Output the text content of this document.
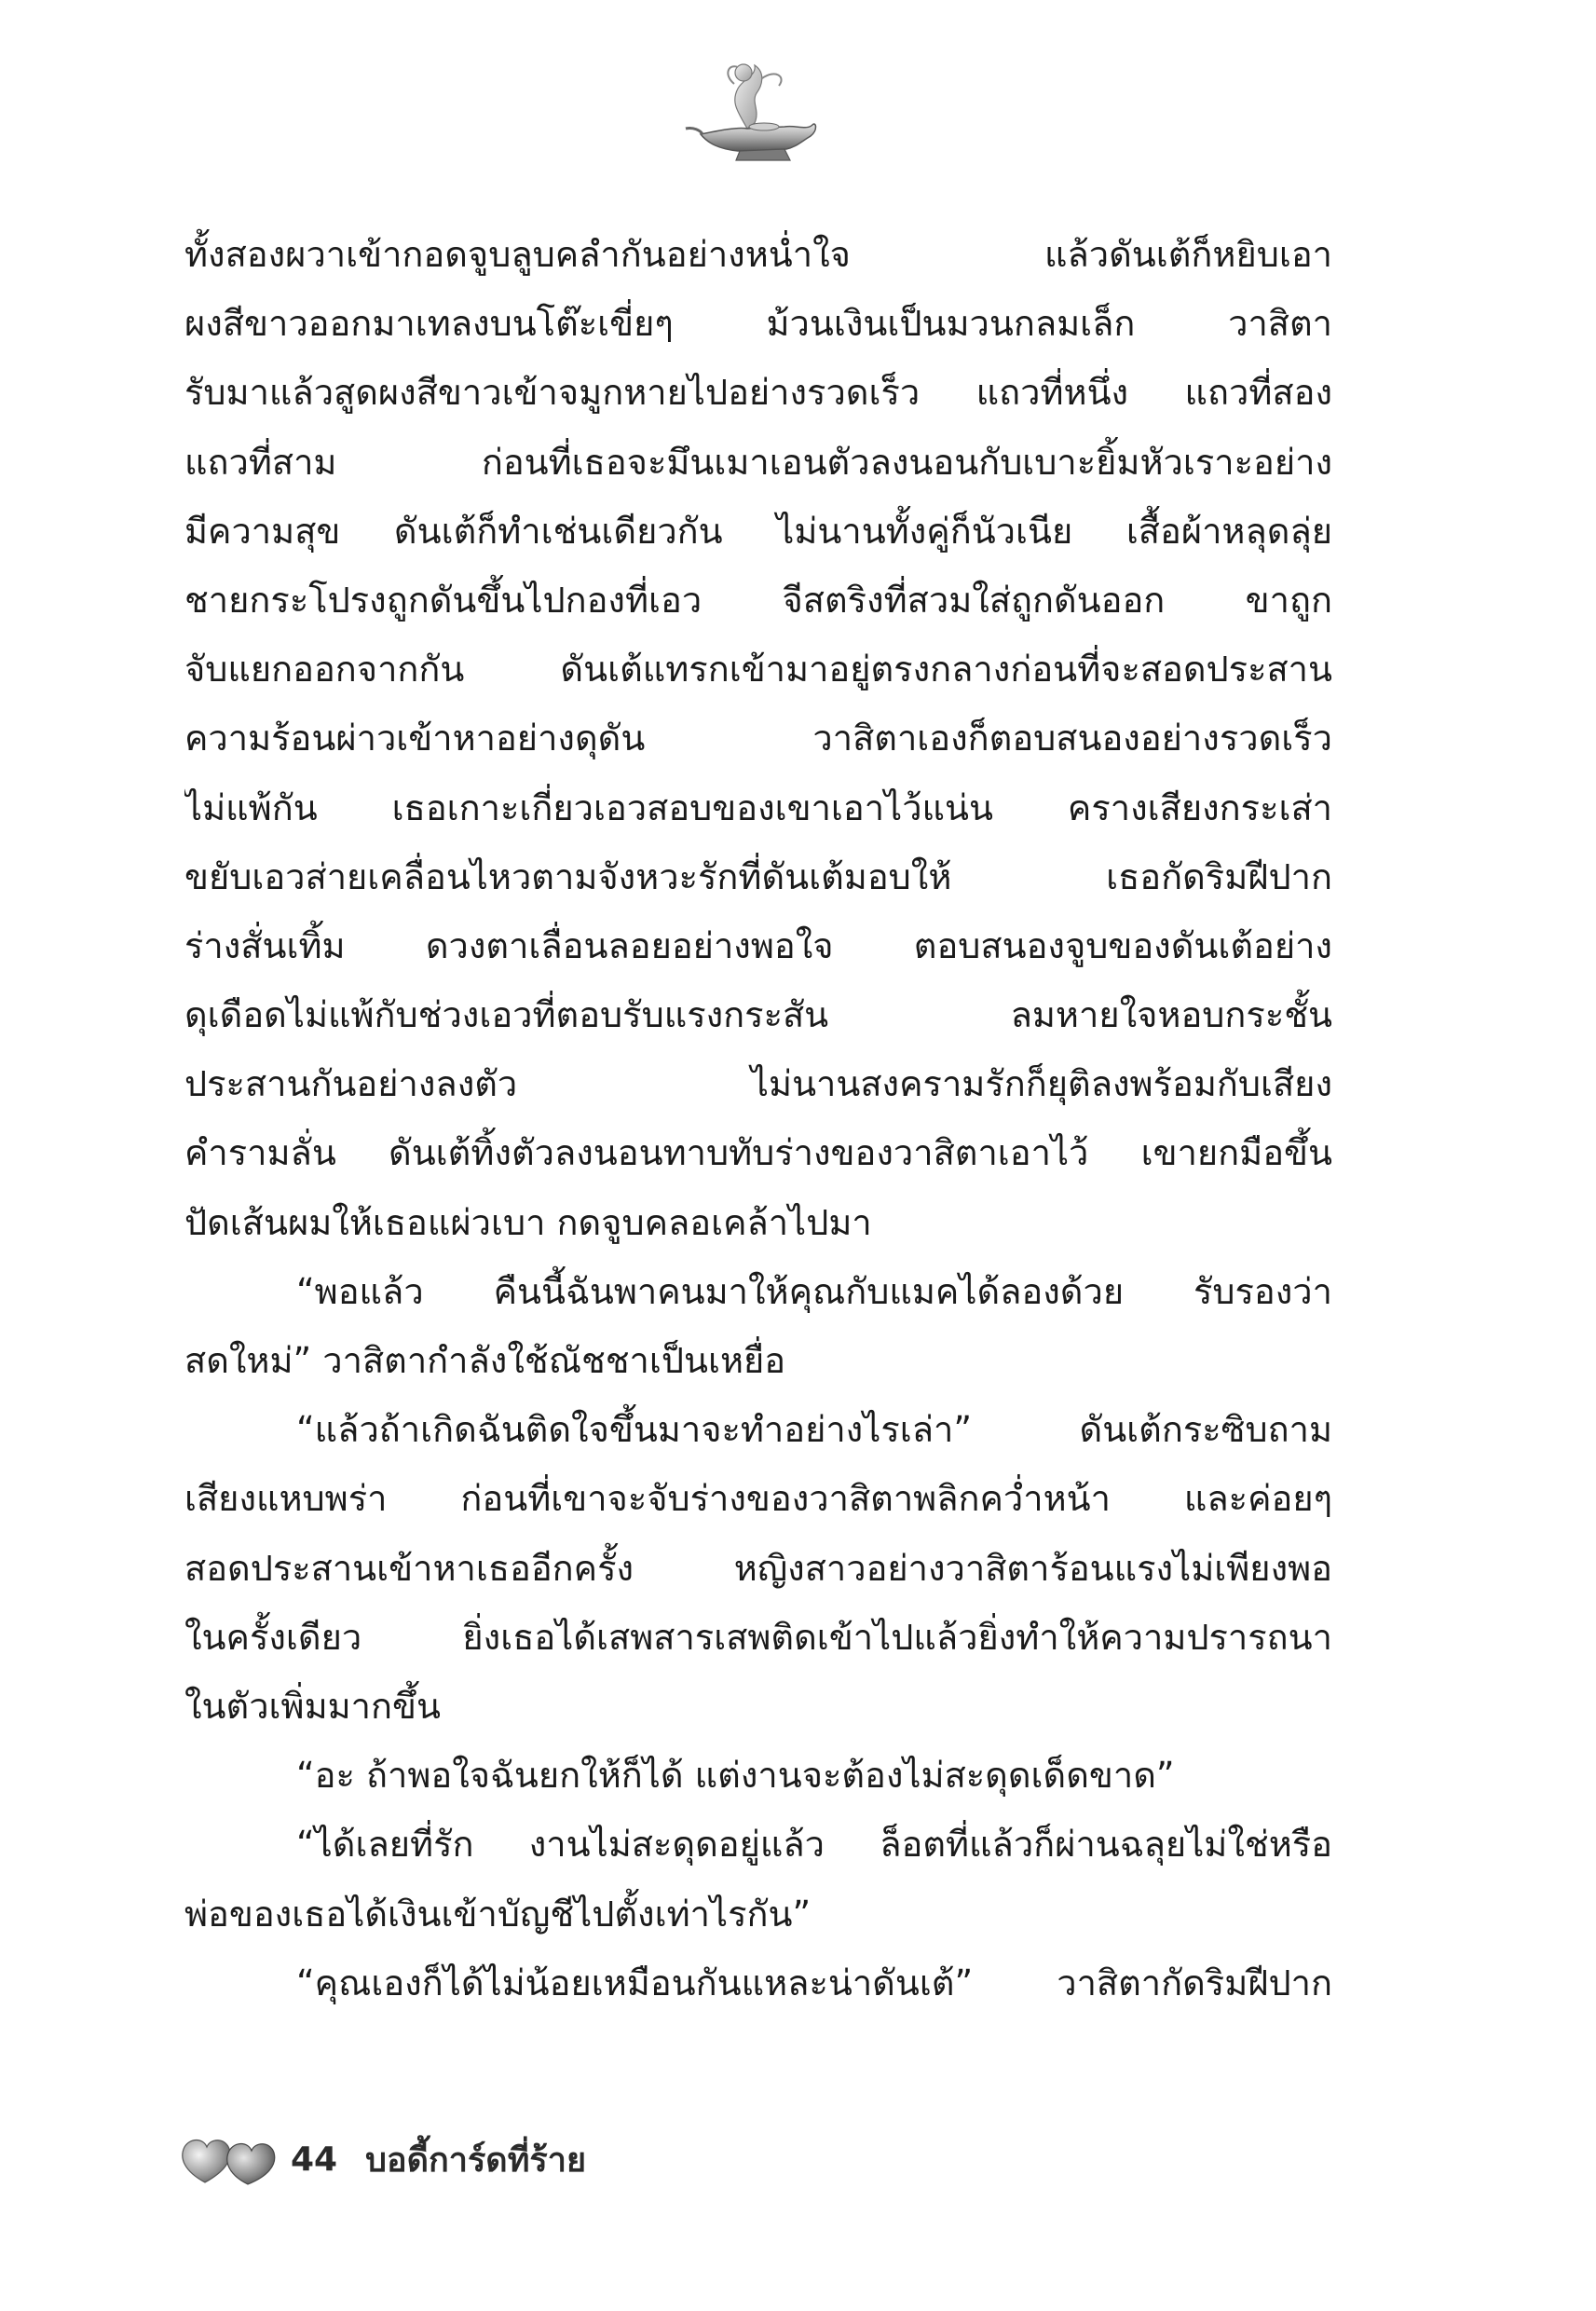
ทั้งสองผวาเข้ากอดจูบลูบคลำกันอย่างหน่ำใจ แล้วดันเต้ก็หยิบเอา
ผงสีขาวออกมาเทลงบนโต๊ะเขี่ยๆ ม้วนเงินเป็นมวนกลมเล็ก วาสิตา
รับมาแล้วสูดผงสีขาวเข้าจมูกหายไปอย่างรวดเร็ว แถวที่หนึ่ง แถวที่สอง
แถวที่สาม ก่อนที่เธอจะมึนเมาเอนตัวลงนอนกับเบาะยิ้มหัวเราะอย่าง
มีความสุข ดันเต้ก็ทำเช่นเดียวกัน ไม่นานทั้งคู่ก็นัวเนีย เสื้อผ้าหลุดลุ่ย
ชายกระโปรงถูกดันขึ้นไปกองที่เอว จีสตริงที่สวมใส่ถูกดันออก ขาถูก
จับแยกออกจากกัน ดันเต้แทรกเข้ามาอยู่ตรงกลางก่อนที่จะสอดประสาน
ความร้อนผ่าวเข้าหาอย่างดุดัน วาสิตาเองก็ตอบสนองอย่างรวดเร็ว
ไม่แพ้กัน เธอเกาะเกี่ยวเอวสอบของเขาเอาไว้แน่น ครางเสียงกระเส่า
ขยับเอวส่ายเคลื่อนไหวตามจังหวะรักที่ดันเต้มอบให้ เธอกัดริมฝีปาก
ร่างสั่นเทิ้ม ดวงตาเลื่อนลอยอย่างพอใจ ตอบสนองจูบของดันเต้อย่าง
ดุเดือดไม่แพ้กับช่วงเอวที่ตอบรับแรงกระสัน ลมหายใจหอบกระชั้น
ประสานกันอย่างลงตัว ไม่นานสงครามรักก็ยุติลงพร้อมกับเสียง
คำรามลั่น ดันเต้ทิ้งตัวลงนอนทาบทับร่างของวาสิตาเอาไว้ เขายกมือขึ้น
ปัดเส้นผมให้เธอแผ่วเบา กดจูบคลอเคล้าไปมา
“พอแล้ว คืนนี้ฉันพาคนมาให้คุณกับแมคได้ลองด้วย รับรองว่า
สดใหม่” วาสิตากำลังใช้ณัชชาเป็นเหยื่อ
“แล้วถ้าเกิดฉันติดใจขึ้นมาจะทำอย่างไรเล่า” ดันเต้กระซิบถาม
เสียงแหบพร่า ก่อนที่เขาจะจับร่างของวาสิตาพลิกคว่ำหน้า และค่อยๆ
สอดประสานเข้าหาเธออีกครั้ง หญิงสาวอย่างวาสิตาร้อนแรงไม่เพียงพอ
ในครั้งเดียว ยิ่งเธอได้เสพสารเสพติดเข้าไปแล้วยิ่งทำให้ความปรารถนา
ในตัวเพิ่มมากขึ้น
“อะ ถ้าพอใจฉันยกให้ก็ได้ แต่งานจะต้องไม่สะดุดเด็ดขาด”
“ได้เลยที่รัก งานไม่สะดุดอยู่แล้ว ล็อตที่แล้วก็ผ่านฉลุยไม่ใช่หรือ
พ่อของเธอได้เงินเข้าบัญชีไปตั้งเท่าไรกัน”
“คุณเองก็ได้ไม่น้อยเหมือนกันแหละน่าดันเต้” วาสิตากัดริมฝีปาก
44 บอดี้การ์ดที่ร้าย
